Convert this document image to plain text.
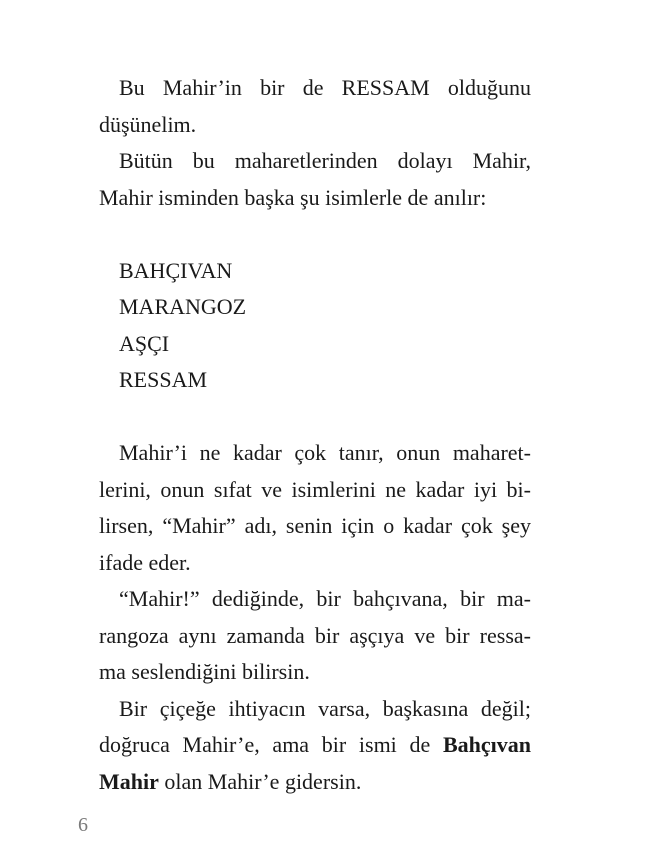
Bu Mahir’in bir de RESSAM olduğunu
düşünelim.
Bütün bu maharetlerinden dolayı Mahir,
Mahir isminden başka şu isimlerle de anılır:
BAHÇIVAN
MARANGOZ
AŞÇI
RESSAM
Mahir’i ne kadar çok tanır, onun maharet-
lerini, onun sıfat ve isimlerini ne kadar iyi bi-
lirsen, “Mahir” adı, senin için o kadar çok şey
ifade eder.
“Mahir!” dediğinde, bir bahçıvana, bir ma-
rangoza aynı zamanda bir aşçıya ve bir ressa-
ma seslendiğini bilirsin.
Bir çiçeğe ihtiyacın varsa, başkasına değil;
doğruca Mahir’e, ama bir ismi de Bahçıvan
Mahir olan Mahir’e gidersin.
6
